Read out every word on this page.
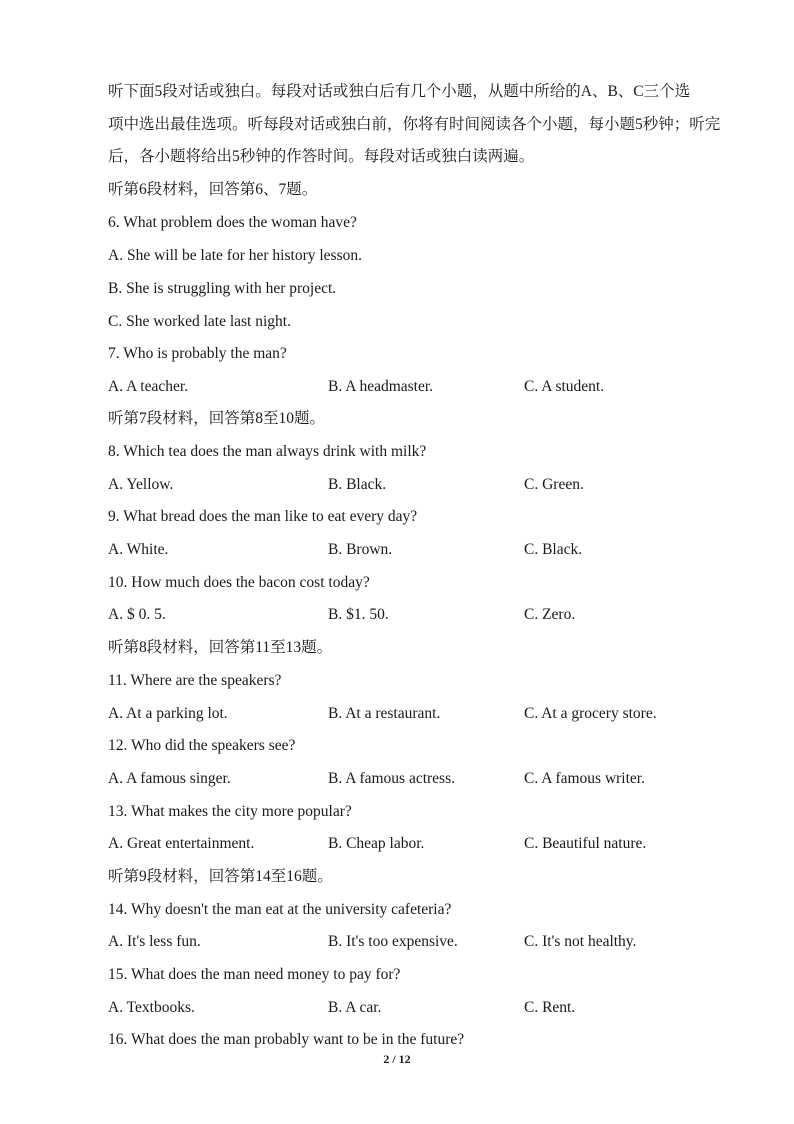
听下面5段对话或独白。每段对话或独白后有几个小题，从题中所给的A、B、C三个选
项中选出最佳选项。听每段对话或独白前，你将有时间阅读各个小题，每小题5秒钟；听完
后，各小题将给出5秒钟的作答时间。每段对话或独白读两遍。
听第6段材料，回答第6、7题。
6. What problem does the woman have?
A. She will be late for her history lesson.
B. She is struggling with her project.
C. She worked late last night.
7. Who is probably the man?
A. A teacher.	B. A headmaster.	C. A student.
听第7段材料，回答第8至10题。
8. Which tea does the man always drink with milk?
A. Yellow.	B. Black.	C. Green.
9. What bread does the man like to eat every day?
A. White.	B. Brown.	C. Black.
10. How much does the bacon cost today?
A. $ 0. 5.	B. $1. 50.	C. Zero.
听第8段材料，回答第11至13题。
11. Where are the speakers?
A. At a parking lot.	B. At a restaurant.	C. At a grocery store.
12. Who did the speakers see?
A. A famous singer.	B. A famous actress.	C. A famous writer.
13. What makes the city more popular?
A. Great entertainment.	B. Cheap labor.	C. Beautiful nature.
听第9段材料，回答第14至16题。
14. Why doesn't the man eat at the university cafeteria?
A. It's less fun.	B. It's too expensive.	C. It's not healthy.
15. What does the man need money to pay for?
A. Textbooks.	B. A car.	C. Rent.
16. What does the man probably want to be in the future?
2 / 12
